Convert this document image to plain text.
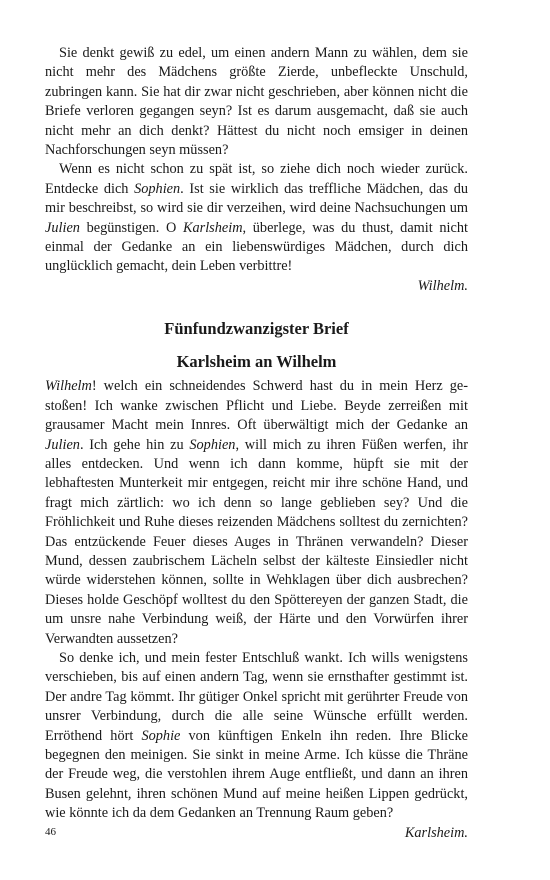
Sie denkt gewiß zu edel, um einen andern Mann zu wählen, dem sie nicht mehr des Mädchens größte Zierde, unbefleckte Unschuld, zubringen kann. Sie hat dir zwar nicht geschrieben, aber können nicht die Briefe verloren gegangen seyn? Ist es darum ausgemacht, daß sie auch nicht mehr an dich denkt? Hättest du nicht noch emsiger in deinen Nachforschungen seyn müssen?

Wenn es nicht schon zu spät ist, so ziehe dich noch wieder zurück. Entdecke dich Sophien. Ist sie wirklich das treffliche Mädchen, das du mir beschreibst, so wird sie dir verzeihen, wird deine Nachsuchungen um Julien begünstigen. O Karlsheim, überlege, was du thust, damit nicht einmal der Gedanke an ein liebenswürdiges Mädchen, durch dich unglücklich gemacht, dein Leben verbittre!

Wilhelm.

Fünfundzwanzigster Brief
Karlsheim an Wilhelm

Wilhelm! welch ein schneidendes Schwerd hast du in mein Herz gestoßen! Ich wanke zwischen Pflicht und Liebe. Beyde zerreißen mit grausamer Macht mein Innres. Oft überwältigt mich der Gedanke an Julien. Ich gehe hin zu Sophien, will mich zu ihren Füßen werfen, ihr alles entdecken. Und wenn ich dann komme, hüpft sie mit der lebhaftesten Munterkeit mir entgegen, reicht mir ihre schöne Hand, und fragt mich zärtlich: wo ich denn so lange geblieben sey? Und die Fröhlichkeit und Ruhe dieses reizenden Mädchens solltest du zernichten? Das entzückende Feuer dieses Auges in Thränen verwandeln? Dieser Mund, dessen zaubrischem Lächeln selbst der kälteste Einsiedler nicht würde widerstehen können, sollte in Wehklagen über dich ausbrechen? Dieses holde Geschöpf wolltest du den Spöttereyen der ganzen Stadt, die um unsre nahe Verbindung weiß, der Härte und den Vorwürfen ihrer Verwandten aussetzen?

So denke ich, und mein fester Entschluß wankt. Ich wills wenigstens verschieben, bis auf einen andern Tag, wenn sie ernsthafter gestimmt ist. Der andre Tag kömmt. Ihr gütiger Onkel spricht mit gerührter Freude von unsrer Verbindung, durch die alle seine Wünsche erfüllt werden. Erröthend hört Sophie von künftigen Enkeln ihn reden. Ihre Blicke begegnen den meinigen. Sie sinkt in meine Arme. Ich küsse die Thräne der Freude weg, die verstohlen ihrem Auge entfließt, und dann an ihren Busen gelehnt, ihren schönen Mund auf meine heißen Lippen gedrückt, wie könnte ich da dem Gedanken an Trennung Raum geben?

Karlsheim.

46
